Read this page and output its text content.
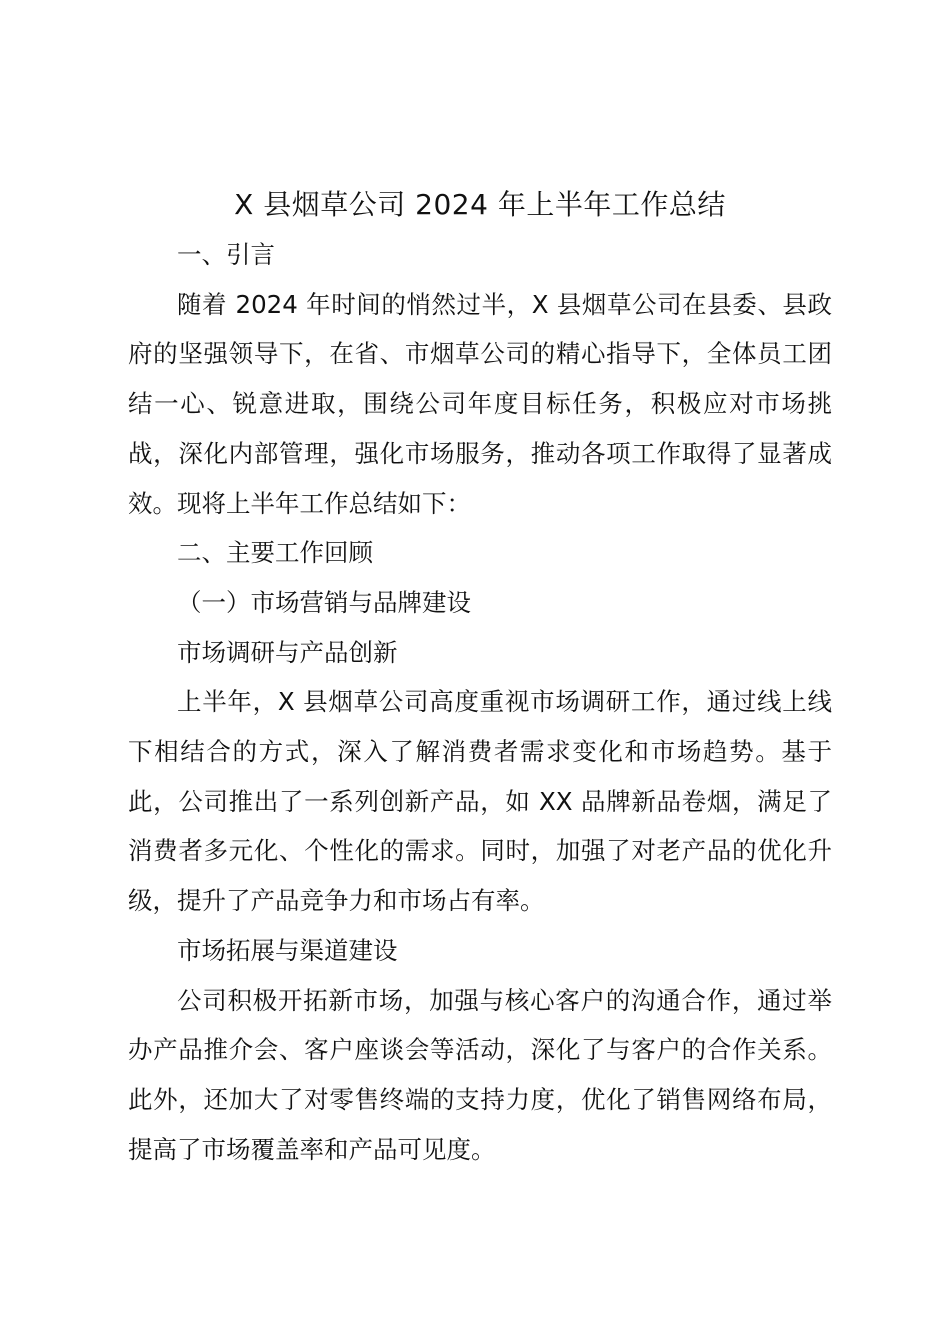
X 县烟草公司 2024 年上半年工作总结

一、引言

随着 2024 年时间的悄然过半，X 县烟草公司在县委、县政府的坚强领导下，在省、市烟草公司的精心指导下，全体员工团结一心、锐意进取，围绕公司年度目标任务，积极应对市场挑战，深化内部管理，强化市场服务，推动各项工作取得了显著成效。现将上半年工作总结如下：

二、主要工作回顾

（一）市场营销与品牌建设

市场调研与产品创新

上半年，X 县烟草公司高度重视市场调研工作，通过线上线下相结合的方式，深入了解消费者需求变化和市场趋势。基于此，公司推出了一系列创新产品，如 XX 品牌新品卷烟，满足了消费者多元化、个性化的需求。同时，加强了对老产品的优化升级，提升了产品竞争力和市场占有率。

市场拓展与渠道建设

公司积极开拓新市场，加强与核心客户的沟通合作，通过举办产品推介会、客户座谈会等活动，深化了与客户的合作关系。此外，还加大了对零售终端的支持力度，优化了销售网络布局，提高了市场覆盖率和产品可见度。
